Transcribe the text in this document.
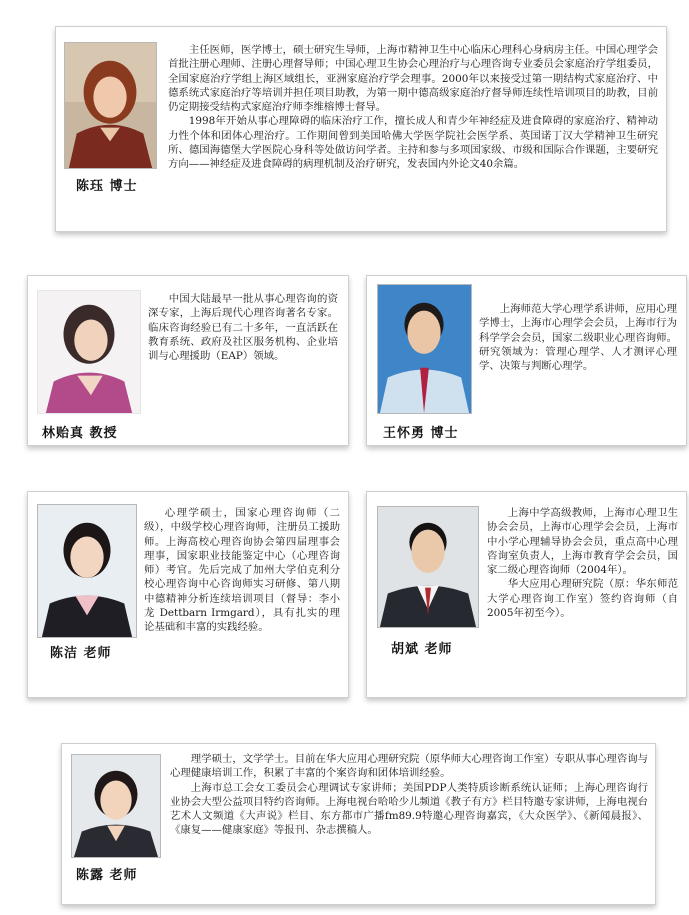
陈珏 博士

主任医师，医学博士，硕士研究生导师，上海市精神卫生中心临床心理科心身病房主任。中国心理学会首批注册心理师、注册心理督导师；中国心理卫生协会心理治疗与心理咨询专业委员会家庭治疗学组委员，全国家庭治疗学组上海区域组长，亚洲家庭治疗学会理事。2000年以来接受过第一期结构式家庭治疗、中德系统式家庭治疗等培训并担任项目助教，为第一期中德高级家庭治疗督导师连续性培训项目的助教，目前仍定期接受结构式家庭治疗师李维榕博士督导。

1998年开始从事心理障碍的临床治疗工作，擅长成人和青少年神经症及进食障碍的家庭治疗、精神动力性个体和团体心理治疗。工作期间曾到美国哈佛大学医学院社会医学系、英国诺丁汉大学精神卫生研究所、德国海德堡大学医院心身科等处做访问学者。主持和参与多项国家级、市级和国际合作课题，主要研究方向——神经症及进食障碍的病理机制及治疗研究，发表国内外论文40余篇。

林贻真 教授

中国大陆最早一批从事心理咨询的资深专家，上海后现代心理咨询著名专家。临床咨询经验已有二十多年，一直活跃在教育系统、政府及社区服务机构、企业培训与心理援助（EAP）领域。

王怀勇 博士

上海师范大学心理学系讲师，应用心理学博士，上海市心理学会会员，上海市行为科学学会会员，国家二级职业心理咨询师。研究领域为：管理心理学、人才测评心理学、决策与判断心理学。

陈洁 老师

心理学硕士，国家心理咨询师（二级），中级学校心理咨询师，注册员工援助师。上海高校心理咨询协会第四届理事会理事，国家职业技能鉴定中心（心理咨询师）考官。先后完成了加州大学伯克利分校心理咨询中心咨询师实习研修、第八期中德精神分析连续培训项目（督导：李小龙 Dettbarn Irmgard），具有扎实的理论基础和丰富的实践经验。

胡斌 老师

上海中学高级教师，上海市心理卫生协会会员，上海市心理学会会员，上海市中小学心理辅导协会会员，重点高中心理咨询室负责人，上海市教育学会会员，国家二级心理咨询师（2004年）。

华大应用心理研究院（原：华东师范大学心理咨询工作室）签约咨询师（自2005年初至今）。

陈露 老师

理学硕士，文学学士。目前在华大应用心理研究院（原华师大心理咨询工作室）专职从事心理咨询与心理健康培训工作，积累了丰富的个案咨询和团体培训经验。

上海市总工会女工委员会心理调试专家讲师；美国PDP人类特质诊断系统认证师；上海心理咨询行业协会大型公益项目特约咨询师。上海电视台哈哈少儿频道《教子有方》栏目特邀专家讲师，上海电视台艺术人文频道《大声说》栏目、东方都市广播fm89.9特邀心理咨询嘉宾，《大众医学》、《新闻晨报》、《康复——健康家庭》等报刊、杂志撰稿人。
